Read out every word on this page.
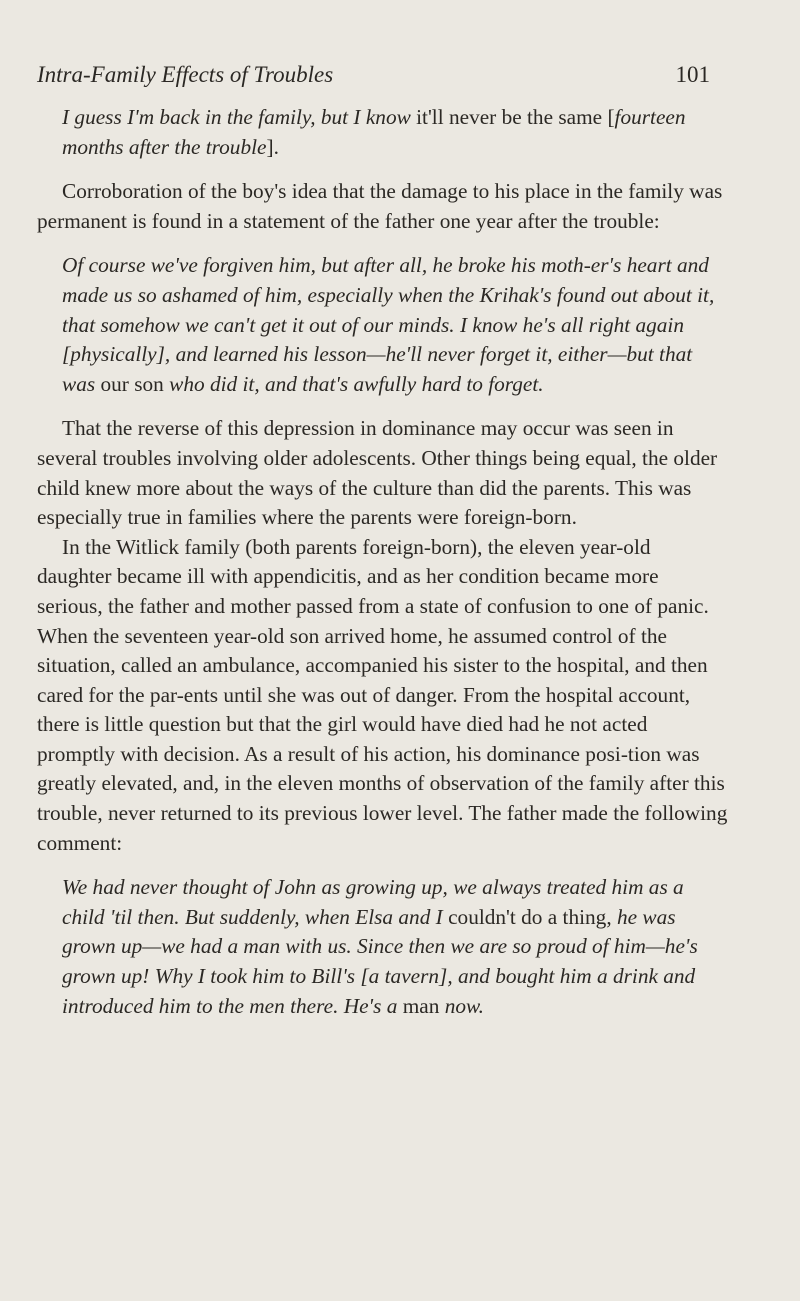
Intra-Family Effects of Troubles	101

I guess I'm back in the family, but I know it'll never be the same [fourteen months after the trouble].

Corroboration of the boy's idea that the damage to his place in the family was permanent is found in a statement of the father one year after the trouble:

Of course we've forgiven him, but after all, he broke his moth-er's heart and made us so ashamed of him, especially when the Krihak's found out about it, that somehow we can't get it out of our minds. I know he's all right again [physically], and learned his lesson—he'll never forget it, either—but that was our son who did it, and that's awfully hard to forget.

That the reverse of this depression in dominance may occur was seen in several troubles involving older adolescents. Other things being equal, the older child knew more about the ways of the culture than did the parents. This was especially true in families where the parents were foreign-born.

In the Witlick family (both parents foreign-born), the eleven year-old daughter became ill with appendicitis, and as her condition became more serious, the father and mother passed from a state of confusion to one of panic. When the seventeen year-old son arrived home, he assumed control of the situation, called an ambulance, accompanied his sister to the hospital, and then cared for the par-ents until she was out of danger. From the hospital account, there is little question but that the girl would have died had he not acted promptly with decision. As a result of his action, his dominance posi-tion was greatly elevated, and, in the eleven months of observation of the family after this trouble, never returned to its previous lower level. The father made the following comment:

We had never thought of John as growing up, we always treated him as a child 'til then. But suddenly, when Elsa and I couldn't do a thing, he was grown up—we had a man with us. Since then we are so proud of him—he's grown up! Why I took him to Bill's [a tavern], and bought him a drink and introduced him to the men there. He's a man now.
